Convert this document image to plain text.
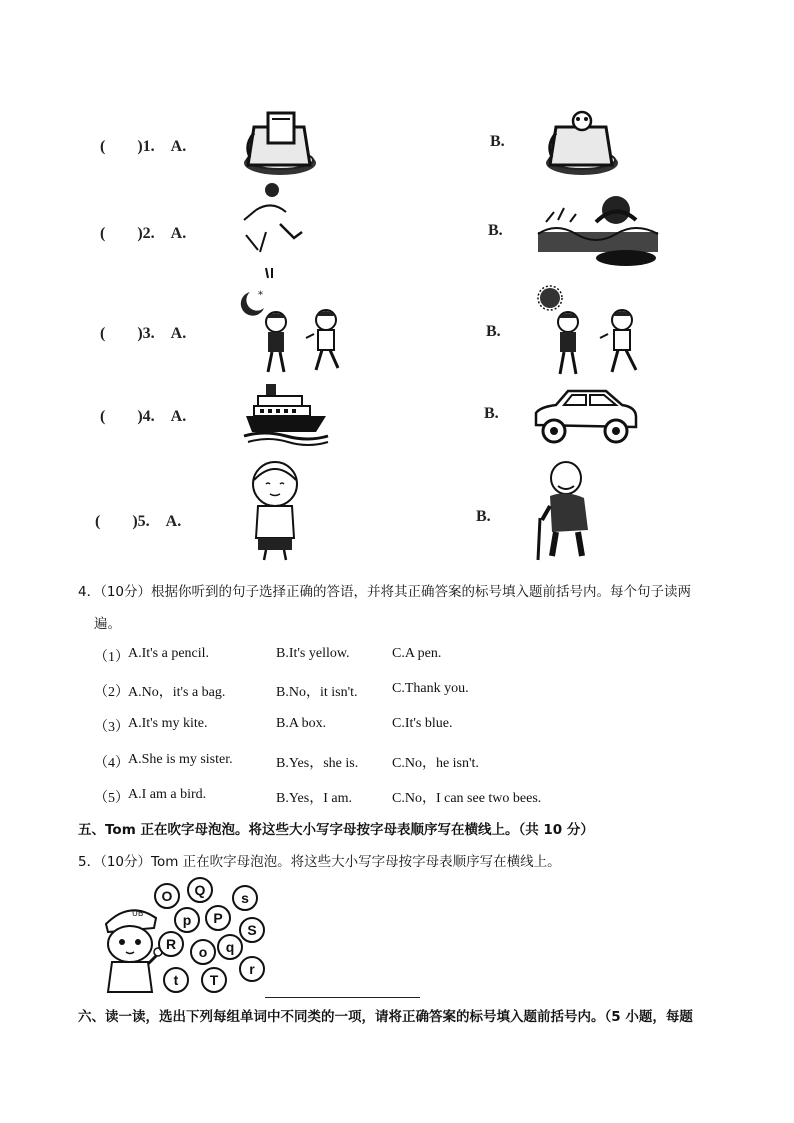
(　　)1.　A.	B.
(　　)2.　A.	B.
(　　)3.　A.	B.
(　　)4.　A.	B.
(　　)5.　A.	B.
*
4．（10分）根据你听到的句子选择正确的答语，并将其正确答案的标号填入题前括号内。每个句子读两
遍。
（1） A.It's a pencil.	B.It's yellow.	C.A pen.
（2） A.No，it's a bag.	B.No，it isn't. C.Thank you.
（3） A.It's my kite.	B.A box.	C.It's blue.
（4） A.She is my sister.	B.Yes，she is. C.No，he isn't.
（5） A.I am a bird.	B.Yes，I am.	C.No，I can see two bees.
五、Tom 正在吹字母泡泡。将这些大小写字母按字母表顺序写在横线上。（共 10 分）
5．（10分）Tom 正在吹字母泡泡。将这些大小写字母按字母表顺序写在横线上。
UB
O Q	s
p P
S
R o q
t T
r
六、读一读，选出下列每组单词中不同类的一项，请将正确答案的标号填入题前括号内。（5 小题，每题
